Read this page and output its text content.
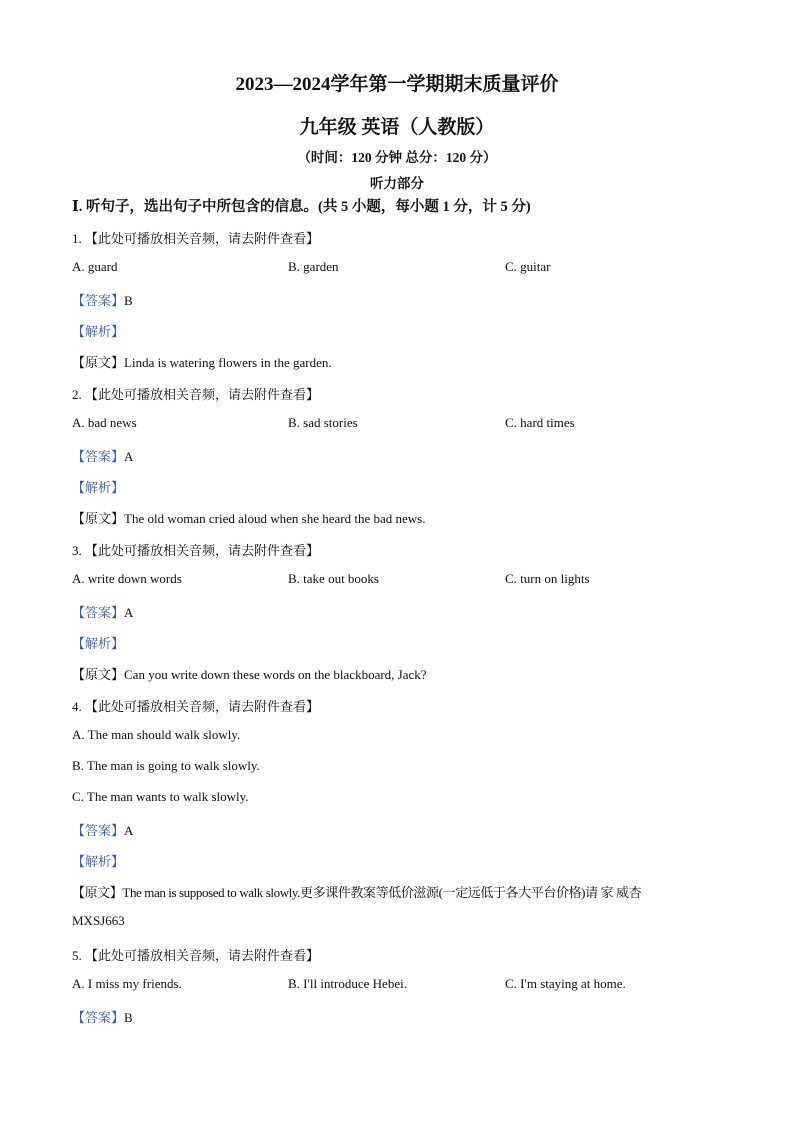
2023—2024学年第一学期期末质量评价
九年级 英语（人教版）
（时间：120 分钟 总分：120 分）
听力部分
Ⅰ. 听句子，选出句子中所包含的信息。(共 5 小题，每小题 1 分，计 5 分)
1. 【此处可播放相关音频，请去附件查看】
A. guard	B. garden	C. guitar
【答案】B
【解析】
【原文】Linda is watering flowers in the garden.
2. 【此处可播放相关音频，请去附件查看】
A. bad news	B. sad stories	C. hard times
【答案】A
【解析】
【原文】The old woman cried aloud when she heard the bad news.
3. 【此处可播放相关音频，请去附件查看】
A. write down words	B. take out books	C. turn on lights
【答案】A
【解析】
【原文】Can you write down these words on the blackboard, Jack?
4. 【此处可播放相关音频，请去附件查看】
A. The man should walk slowly.
B. The man is going to walk slowly.
C. The man wants to walk slowly.
【答案】A
【解析】
【原文】The man is supposed to walk slowly.更多课件教案等低价滋源(一定远低于各大平台价格)请 家 威杏
MXSJ663
5. 【此处可播放相关音频，请去附件查看】
A. I miss my friends.	B. I'll introduce Hebei.	C. I'm staying at home.
【答案】B
